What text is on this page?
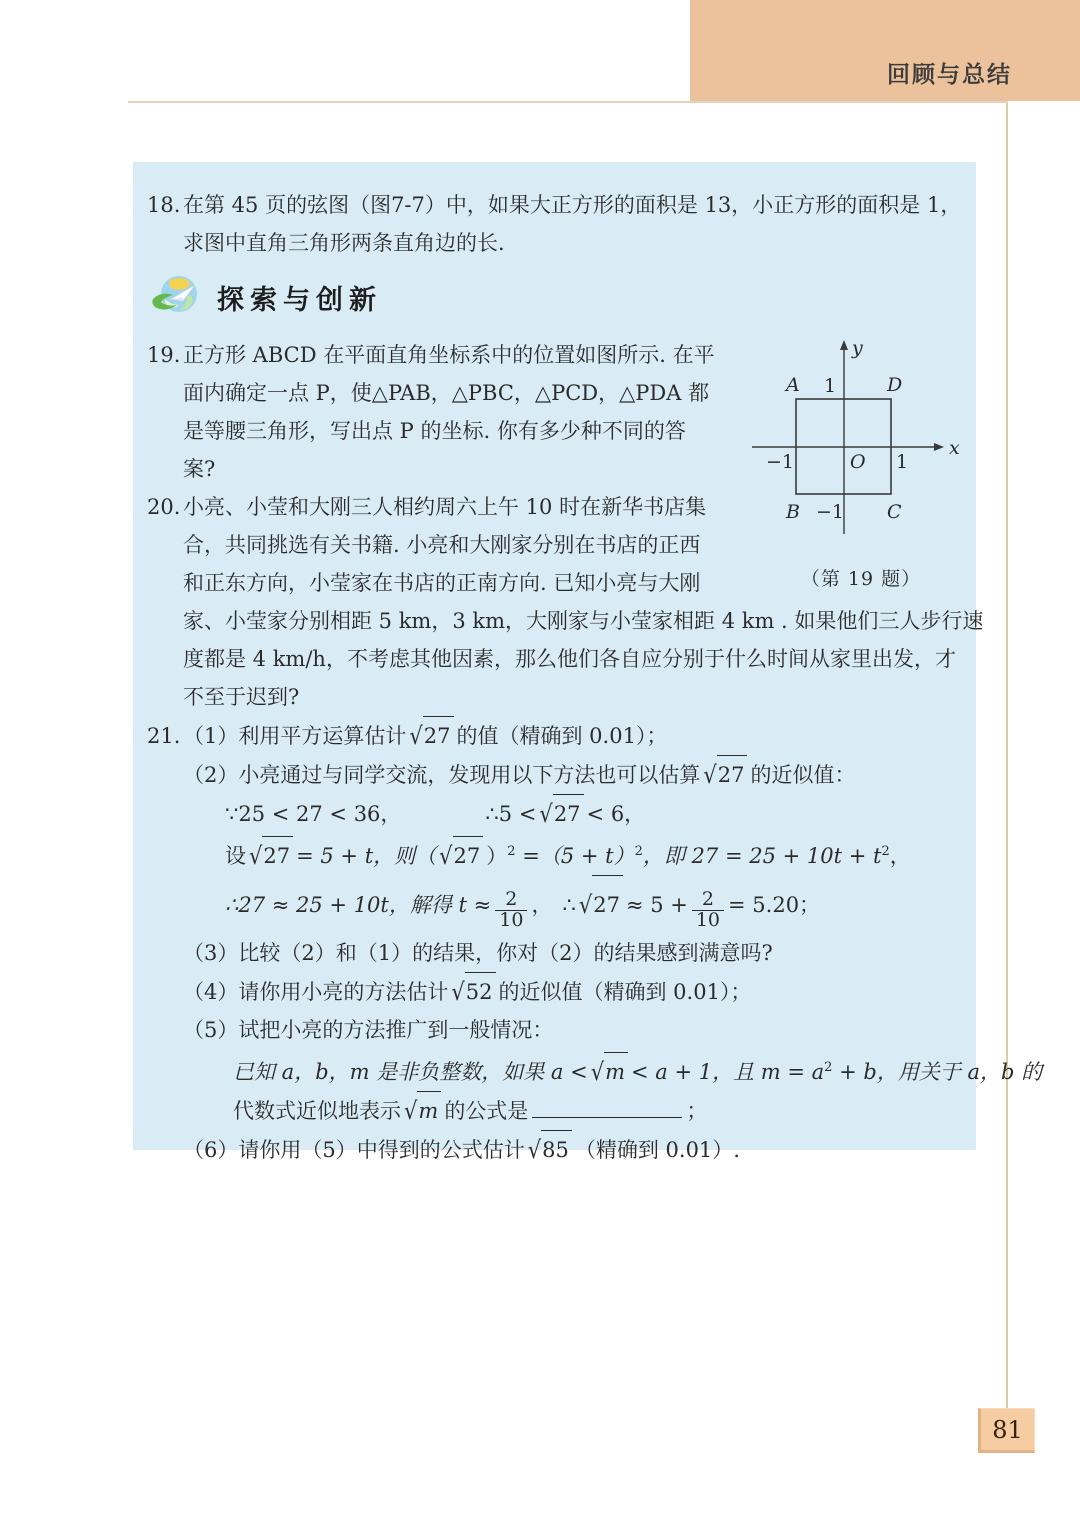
回顾与总结
81
18. 在第 45 页的弦图（图7-7）中，如果大正方形的面积是 13，小正方形的面积是 1，
求图中直角三角形两条直角边的长.
探索与创新
19. 正方形 ABCD 在平面直角坐标系中的位置如图所示. 在平
面内确定一点 P，使△PAB，△PBC，△PCD，△PDA 都
是等腰三角形，写出点 P 的坐标. 你有多少种不同的答
案?
20. 小亮、小莹和大刚三人相约周六上午 10 时在新华书店集
合，共同挑选有关书籍. 小亮和大刚家分别在书店的正西
和正东方向，小莹家在书店的正南方向. 已知小亮与大刚
家、小莹家分别相距 5 km，3 km，大刚家与小莹家相距 4 km . 如果他们三人步行速
度都是 4 km/h，不考虑其他因素，那么他们各自应分别于什么时间从家里出发，才
不至于迟到?
21. （1）利用平方运算估计 √27 的值（精确到 0.01）；
（2）小亮通过与同学交流，发现用以下方法也可以估算 √27 的近似值：
∵25 < 27 < 36，	∴5 < √27 < 6，
设 √27 = 5 + t，则（ √27 ）$^2 =(5 + t)^2$，即 $27 = 25 + 10t + t^2$，
∴27 ≈ 25 + 10t，解得 $t \approx \frac{2}{10}$ ， ∴ $√27 \approx 5 + \frac{2}{10} = 5.20$；
（3）比较（2）和（1）的结果，你对（2）的结果感到满意吗?
（4）请你用小亮的方法估计 √52 的近似值（精确到 0.01）；
（5）试把小亮的方法推广到一般情况：
已知 a，b，m 是非负整数，如果 a < √m < a + 1，且 $m = a^2 + b$，用关于 a，b 的
代数式近似地表示 √m 的公式是	；
（6）请你用（5）中得到的公式估计 √85 （精确到 0.01）.
y
x
A	D
B	C
O
1
−1	1
−1
（第 19 题）
